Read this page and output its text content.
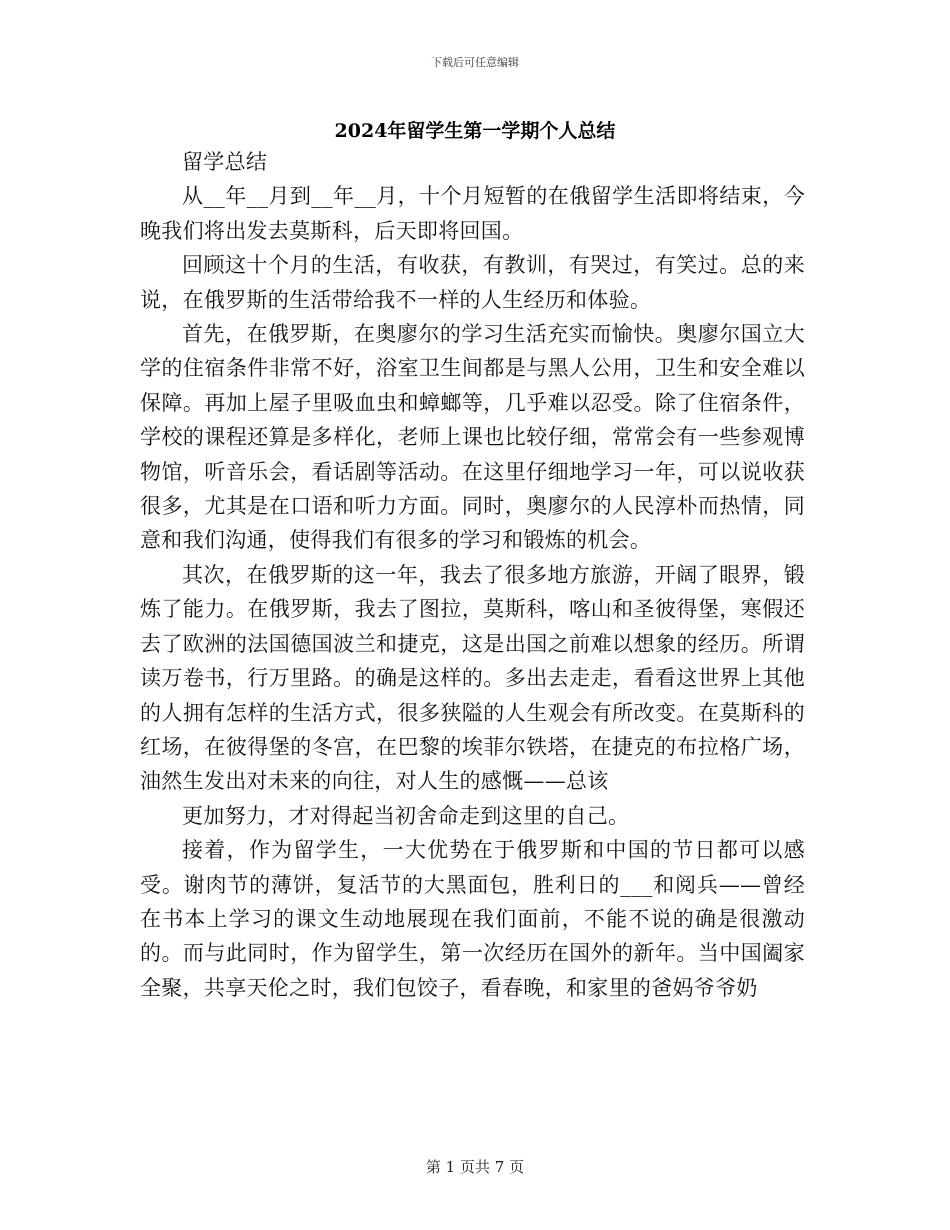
下载后可任意编辑
2024年留学生第一学期个人总结

留学总结

从__年__月到__年__月，十个月短暂的在俄留学生活即将结束，今晚我们将出发去莫斯科，后天即将回国。

回顾这十个月的生活，有收获，有教训，有哭过，有笑过。总的来说，在俄罗斯的生活带给我不一样的人生经历和体验。

首先，在俄罗斯，在奥廖尔的学习生活充实而愉快。奥廖尔国立大学的住宿条件非常不好，浴室卫生间都是与黑人公用，卫生和安全难以保障。再加上屋子里吸血虫和蟑螂等，几乎难以忍受。除了住宿条件，学校的课程还算是多样化，老师上课也比较仔细，常常会有一些参观博物馆，听音乐会，看话剧等活动。在这里仔细地学习一年，可以说收获很多，尤其是在口语和听力方面。同时，奥廖尔的人民淳朴而热情，同意和我们沟通，使得我们有很多的学习和锻炼的机会。

其次，在俄罗斯的这一年，我去了很多地方旅游，开阔了眼界，锻炼了能力。在俄罗斯，我去了图拉，莫斯科，喀山和圣彼得堡，寒假还去了欧洲的法国德国波兰和捷克，这是出国之前难以想象的经历。所谓读万卷书，行万里路。的确是这样的。多出去走走，看看这世界上其他的人拥有怎样的生活方式，很多狭隘的人生观会有所改变。在莫斯科的红场，在彼得堡的冬宫，在巴黎的埃菲尔铁塔，在捷克的布拉格广场，油然生发出对未来的向往，对人生的感慨——总该

更加努力，才对得起当初舍命走到这里的自己。

接着，作为留学生，一大优势在于俄罗斯和中国的节日都可以感受。谢肉节的薄饼，复活节的大黑面包，胜利日的___和阅兵——曾经在书本上学习的课文生动地展现在我们面前，不能不说的确是很激动的。而与此同时，作为留学生，第一次经历在国外的新年。当中国阖家全聚，共享天伦之时，我们包饺子，看春晚，和家里的爸妈爷爷奶

第 1 页共 7 页
